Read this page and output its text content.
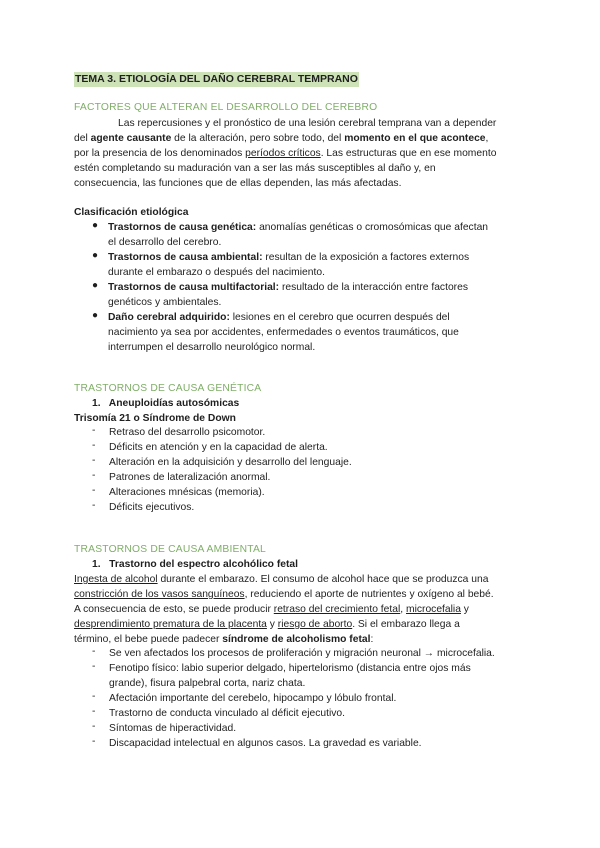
TEMA 3. ETIOLOGÍA DEL DAÑO CEREBRAL TEMPRANO
FACTORES QUE ALTERAN EL DESARROLLO DEL CEREBRO
Las repercusiones y el pronóstico de una lesión cerebral temprana van a depender
del agente causante de la alteración, pero sobre todo, del momento en el que acontece,
por la presencia de los denominados períodos críticos. Las estructuras que en ese momento
estén completando su maduración van a ser las más susceptibles al daño y, en
consecuencia, las funciones que de ellas dependen, las más afectadas.
Clasificación etiológica
● Trastornos de causa genética: anomalías genéticas o cromosómicas que afectan
el desarrollo del cerebro.
● Trastornos de causa ambiental: resultan de la exposición a factores externos
durante el embarazo o después del nacimiento.
● Trastornos de causa multifactorial: resultado de la interacción entre factores
genéticos y ambientales.
● Daño cerebral adquirido: lesiones en el cerebro que ocurren después del
nacimiento ya sea por accidentes, enfermedades o eventos traumáticos, que
interrumpen el desarrollo neurológico normal.
TRASTORNOS DE CAUSA GENÉTICA
1.   Aneuploidías autosómicas
Trisomía 21 o Síndrome de Down
- Retraso del desarrollo psicomotor.
- Déficits en atención y en la capacidad de alerta.
- Alteración en la adquisición y desarrollo del lenguaje.
- Patrones de lateralización anormal.
- Alteraciones mnésicas (memoria).
- Déficits ejecutivos.
TRASTORNOS DE CAUSA AMBIENTAL
1.   Trastorno del espectro alcohólico fetal
Ingesta de alcohol durante el embarazo. El consumo de alcohol hace que se produzca una
constricción de los vasos sanguíneos, reduciendo el aporte de nutrientes y oxígeno al bebé.
A consecuencia de esto, se puede producir retraso del crecimiento fetal, microcefalia y
desprendimiento prematura de la placenta y riesgo de aborto. Si el embarazo llega a
término, el bebe puede padecer síndrome de alcoholismo fetal:
- Se ven afectados los procesos de proliferación y migración neuronal → microcefalia.
- Fenotipo físico: labio superior delgado, hipertelorismo (distancia entre ojos más
grande), fisura palpebral corta, nariz chata.
- Afectación importante del cerebelo, hipocampo y lóbulo frontal.
- Trastorno de conducta vinculado al déficit ejecutivo.
- Síntomas de hiperactividad.
- Discapacidad intelectual en algunos casos. La gravedad es variable.
